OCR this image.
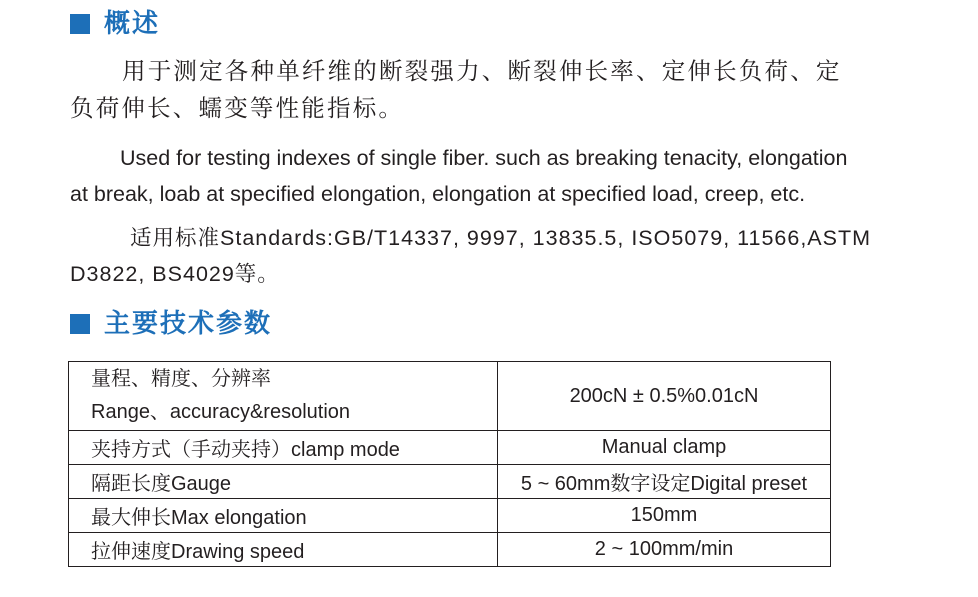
概述
用于测定各种单纤维的断裂强力、断裂伸长率、定伸长负荷、定
负荷伸长、蠕变等性能指标。
Used for testing indexes of single fiber. such as breaking tenacity, elongation
at break, loab at specified elongation, elongation at specified load, creep, etc.
适用标准Standards:GB/T14337, 9997, 13835.5, ISO5079, 11566,ASTM
D3822, BS4029等。
主要技术参数
量程、精度、分辨率
Range、accuracy&resolution	200cN ± 0.5%0.01cN
夹持方式（手动夹持）clamp mode	Manual clamp
隔距长度Gauge	5 ~ 60mm数字设定Digital preset
最大伸长Max elongation	150mm
拉伸速度Drawing speed	2 ~ 100mm/min
